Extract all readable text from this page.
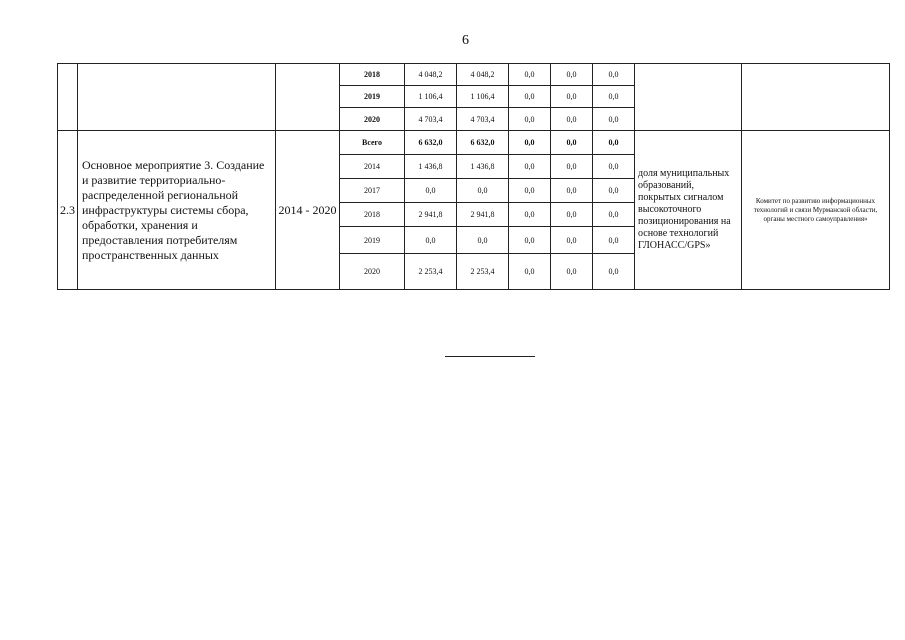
6
			2018	4 048,2	4 048,2	0,0	0,0	0,0		
			2019	1 106,4	1 106,4	0,0	0,0	0,0		
			2020	4 703,4	4 703,4	0,0	0,0	0,0		
2.3	Основное мероприятие 3. Создание и развитие территориально-распределенной региональной инфраструктуры системы сбора, обработки, хранения и предоставления потребителям пространственных данных	2014 - 2020	Всего	6 632,0	6 632,0	0,0	0,0	0,0	доля муниципальных образований, покрытых сигналом высокоточного позиционирования на основе технологий ГЛОНАСС/GPS»	Комитет по развитию информационных технологий и связи Мурманской области, органы местного самоуправления»
			2014	1 436,8	1 436,8	0,0	0,0	0,0		
			2017	0,0	0,0	0,0	0,0	0,0		
			2018	2 941,8	2 941,8	0,0	0,0	0,0		
			2019	0,0	0,0	0,0	0,0	0,0		
			2020	2 253,4	2 253,4	0,0	0,0	0,0		
